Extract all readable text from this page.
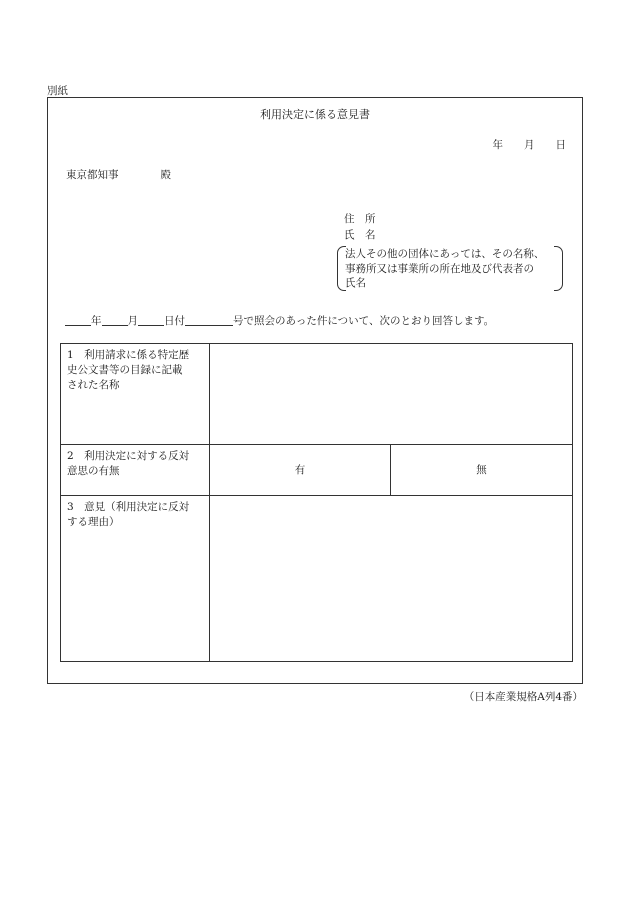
別紙
利用決定に係る意見書
年　　月　　日
東京都知事　　　　殿
住　所
氏　名
法人その他の団体にあっては、その名称、
事務所又は事業所の所在地及び代表者の
氏名
年 月 日付	号で照会のあった件について、次のとおり回答します。
1　利用請求に係る特定歴
史公文書等の目録に記載
された名称		

2　利用決定に対する反対
意思の有無	有	無

3　意見（利用決定に反対
する理由）		

（日本産業規格A列4番）
